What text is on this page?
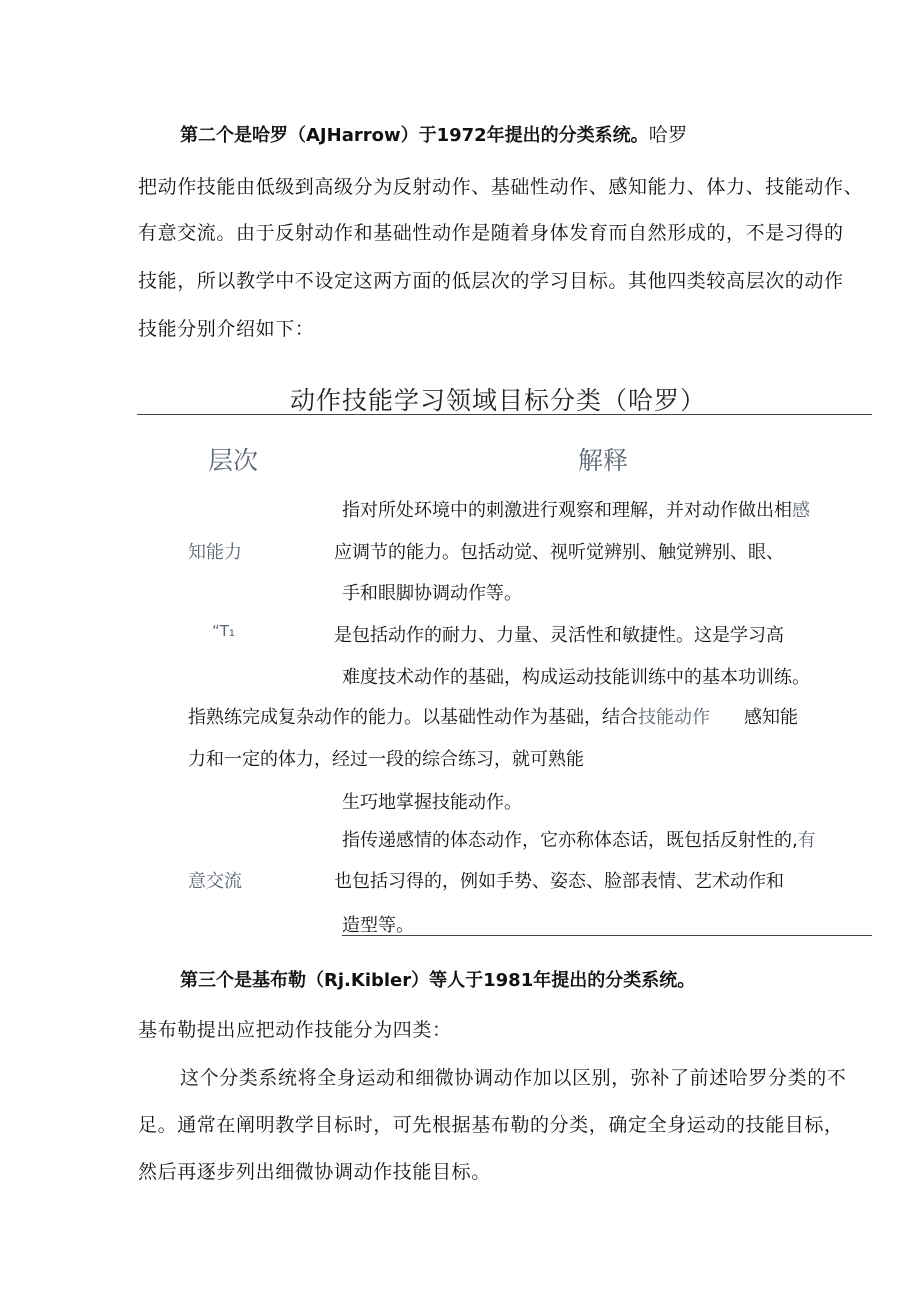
第二个是哈罗（AJHarrow）于1972年提出的分类系统。哈罗
把动作技能由低级到高级分为反射动作、基础性动作、感知能力、体力、技能动作、
有意交流。由于反射动作和基础性动作是随着身体发育而自然形成的，不是习得的
技能，所以教学中不设定这两方面的低层次的学习目标。其他四类较高层次的动作
技能分别介绍如下：
动作技能学习领域目标分类（哈罗）
层次	解释
指对所处环境中的刺激进行观察和理解，并对动作做出相感
知能力	应调节的能力。包括动觉、视听觉辨别、触觉辨别、眼、
手和眼脚协调动作等。
“T₁	是包括动作的耐力、力量、灵活性和敏捷性。这是学习高
难度技术动作的基础，构成运动技能训练中的基本功训练。
指熟练完成复杂动作的能力。以基础性动作为基础，结合技能动作 感知能
力和一定的体力，经过一段的综合练习，就可熟能
生巧地掌握技能动作。
指传递感情的体态动作，它亦称体态话，既包括反射性的,有
意交流	也包括习得的，例如手势、姿态、脸部表情、艺术动作和
造型等。
第三个是基布勒（Rj.Kibler）等人于1981年提出的分类系统。
基布勒提出应把动作技能分为四类：
这个分类系统将全身运动和细微协调动作加以区别，弥补了前述哈罗分类的不
足。通常在阐明教学目标时，可先根据基布勒的分类，确定全身运动的技能目标，
然后再逐步列出细微协调动作技能目标。
